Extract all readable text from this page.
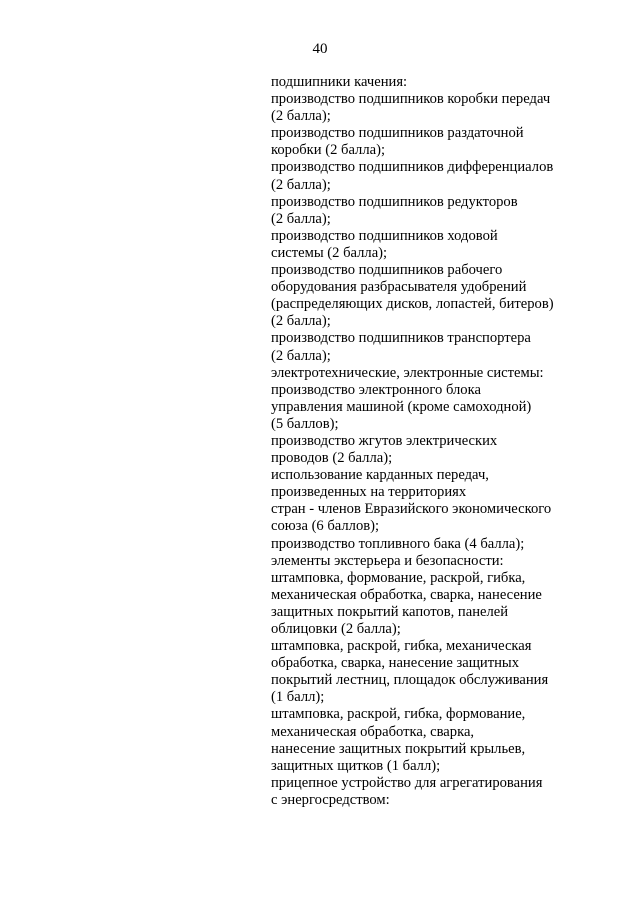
40
подшипники качения:
производство подшипников коробки передач
(2 балла);
производство подшипников раздаточной
коробки (2 балла);
производство подшипников дифференциалов
(2 балла);
производство подшипников редукторов
(2 балла);
производство подшипников ходовой
системы (2 балла);
производство подшипников рабочего
оборудования разбрасывателя удобрений
(распределяющих дисков, лопастей, битеров)
(2 балла);
производство подшипников транспортера
(2 балла);
электротехнические, электронные системы:
производство электронного блока
управления машиной (кроме самоходной)
(5 баллов);
производство жгутов электрических
проводов (2 балла);
использование карданных передач,
произведенных на территориях
стран - членов Евразийского экономического
союза (6 баллов);
производство топливного бака (4 балла);
элементы экстерьера и безопасности:
штамповка, формование, раскрой, гибка,
механическая обработка, сварка, нанесение
защитных покрытий капотов, панелей
облицовки (2 балла);
штамповка, раскрой, гибка, механическая
обработка, сварка, нанесение защитных
покрытий лестниц, площадок обслуживания
(1 балл);
штамповка, раскрой, гибка, формование,
механическая обработка, сварка,
нанесение защитных покрытий крыльев,
защитных щитков (1 балл);
прицепное устройство для агрегатирования
с энергосредством:
